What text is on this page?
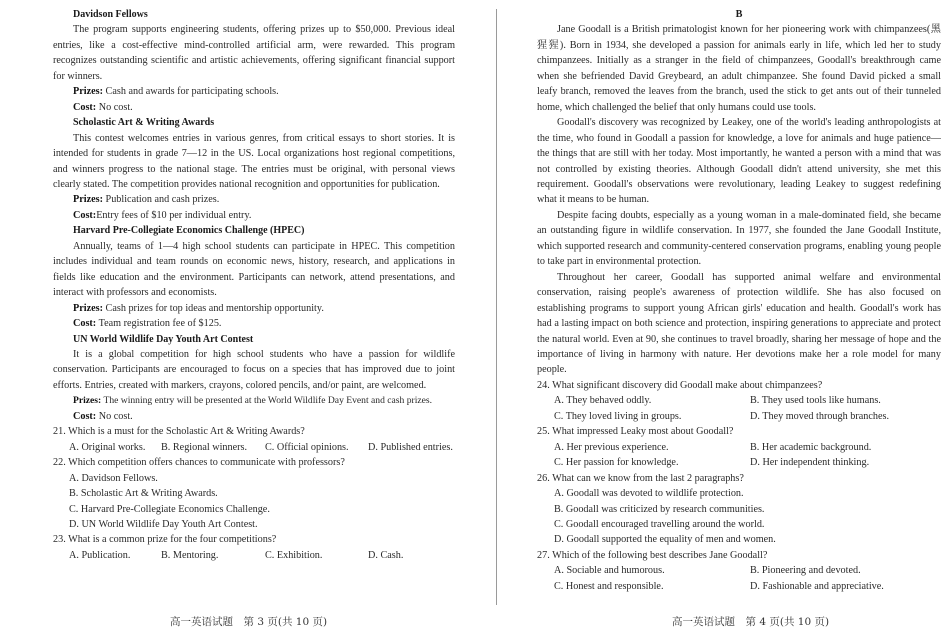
Davidson Fellows
The program supports engineering students, offering prizes up to $50,000. Previous ideal entries, like a cost-effective mind-controlled artificial arm, were rewarded. This program recognizes outstanding scientific and artistic achievements, offering significant financial support for winners.
Prizes: Cash and awards for participating schools.
Cost: No cost.
Scholastic Art & Writing Awards
This contest welcomes entries in various genres, from critical essays to short stories. It is intended for students in grade 7—12 in the US. Local organizations host regional competitions, and winners progress to the national stage. The entries must be original, with personal views clearly stated. The competition provides national recognition and opportunities for publication.
Prizes: Publication and cash prizes.
Cost:Entry fees of $10 per individual entry.
Harvard Pre-Collegiate Economics Challenge (HPEC)
Annually, teams of 1—4 high school students can participate in HPEC. This competition includes individual and team rounds on economic news, history, research, and applications in fields like education and the environment. Participants can network, attend presentations, and interact with professors and economists.
Prizes: Cash prizes for top ideas and mentorship opportunity.
Cost: Team registration fee of $125.
UN World Wildlife Day Youth Art Contest
It is a global competition for high school students who have a passion for wildlife conservation. Participants are encouraged to focus on a species that has improved due to joint efforts. Entries, created with markers, crayons, colored pencils, and/or paint, are welcomed.
Prizes: The winning entry will be presented at the World Wildlife Day Event and cash prizes.
Cost: No cost.
21. Which is a must for the Scholastic Art & Writing Awards?
A. Original works.	B. Regional winners.	C. Official opinions.	D. Published entries.
22. Which competition offers chances to communicate with professors?
A. Davidson Fellows.
B. Scholastic Art & Writing Awards.
C. Harvard Pre-Collegiate Economics Challenge.
D. UN World Wildlife Day Youth Art Contest.
23. What is a common prize for the four competitions?
A. Publication.	B. Mentoring.	C. Exhibition.	D. Cash.
高一英语试题　第 3 页(共 10 页)
B
Jane Goodall is a British primatologist known for her pioneering work with chimpanzees(黑猩猩). Born in 1934, she developed a passion for animals early in life, which led her to study chimpanzees. Initially as a stranger in the field of chimpanzees, Goodall's breakthrough came when she befriended David Greybeard, an adult chimpanzee. She found David picked a small leafy branch, removed the leaves from the branch, used the stick to get ants out of their tunneled home, which challenged the belief that only humans could use tools.
Goodall's discovery was recognized by Leakey, one of the world's leading anthropologists at the time, who found in Goodall a passion for knowledge, a love for animals and huge patience—the things that are still with her today. Most importantly, he wanted a person with a mind that was not controlled by existing theories. Although Goodall didn't attend university, she met this requirement. Goodall's observations were revolutionary, leading Leakey to suggest redefining what it means to be human.
Despite facing doubts, especially as a young woman in a male-dominated field, she became an outstanding figure in wildlife conservation. In 1977, she founded the Jane Goodall Institute, which supported research and community-centered conservation programs, enabling young people to take part in environmental protection.
Throughout her career, Goodall has supported animal welfare and environmental conservation, raising people's awareness of protection wildlife. She has also focused on establishing programs to support young African girls' education and health. Goodall's work has had a lasting impact on both science and protection, inspiring generations to appreciate and protect the natural world. Even at 90, she continues to travel broadly, sharing her message of hope and the importance of living in harmony with nature. Her devotions make her a role model for many people.
24. What significant discovery did Goodall make about chimpanzees?
A. They behaved oddly.	B. They used tools like humans.
C. They loved living in groups.	D. They moved through branches.
25. What impressed Leaky most about Goodall?
A. Her previous experience.	B. Her academic background.
C. Her passion for knowledge.	D. Her independent thinking.
26. What can we know from the last 2 paragraphs?
A. Goodall was devoted to wildlife protection.
B. Goodall was criticized by research communities.
C. Goodall encouraged travelling around the world.
D. Goodall supported the equality of men and women.
27. Which of the following best describes Jane Goodall?
A. Sociable and humorous.	B. Pioneering and devoted.
C. Honest and responsible.	D. Fashionable and appreciative.
高一英语试题　第 4 页(共 10 页)
